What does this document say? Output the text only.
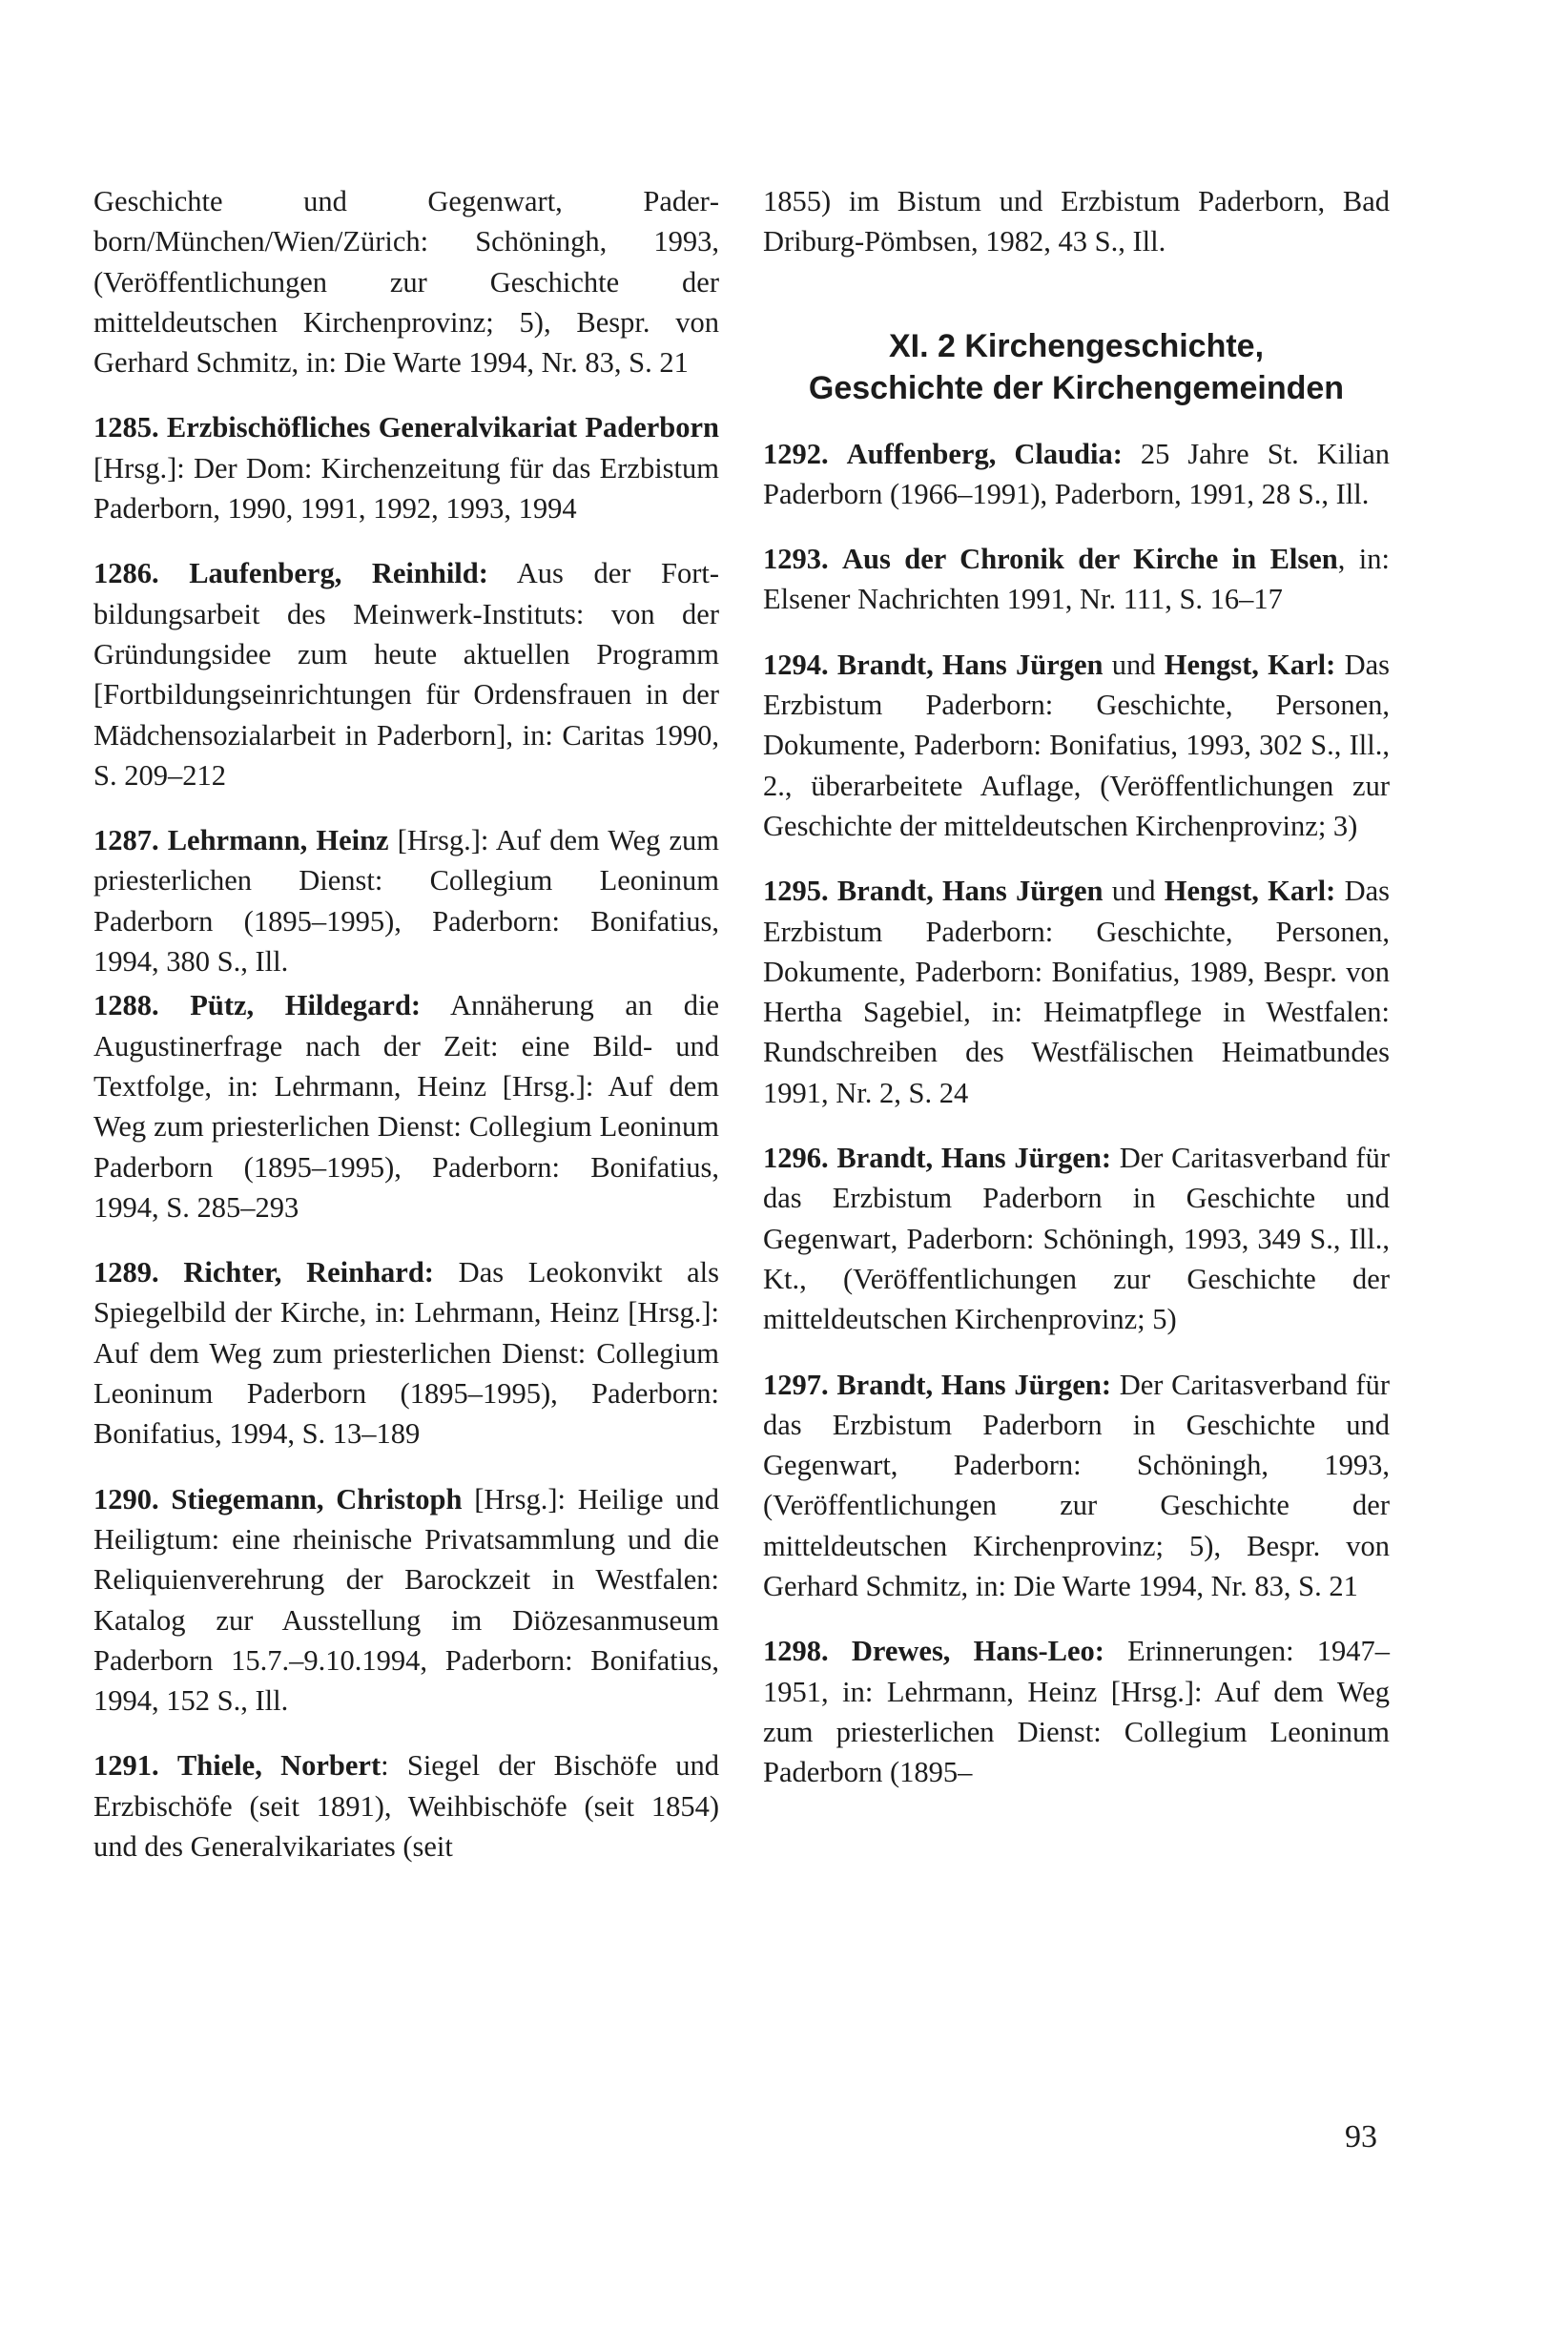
Geschichte und Gegenwart, Paderborn/München/Wien/Zürich: Schöningh, 1993, (Veröffentlichungen zur Geschichte der mitteldeutschen Kirchenprovinz; 5), Bespr. von Gerhard Schmitz, in: Die Warte 1994, Nr. 83, S. 21

1285. Erzbischöfliches Generalvikariat Paderborn [Hrsg.]: Der Dom: Kirchenzeitung für das Erzbistum Paderborn, 1990, 1991, 1992, 1993, 1994

1286. Laufenberg, Reinhild: Aus der Fortbildungsarbeit des Meinwerk-Instituts: von der Gründungsidee zum heute aktuellen Programm [Fortbildungseinrichtungen für Ordensfrauen in der Mädchensozialarbeit in Paderborn], in: Caritas 1990, S. 209–212

1287. Lehrmann, Heinz [Hrsg.]: Auf dem Weg zum priesterlichen Dienst: Collegium Leoninum Paderborn (1895–1995), Paderborn: Bonifatius, 1994, 380 S., Ill.

1288. Pütz, Hildegard: Annäherung an die Augustinerfrage nach der Zeit: eine Bild- und Textfolge, in: Lehrmann, Heinz [Hrsg.]: Auf dem Weg zum priesterlichen Dienst: Collegium Leoninum Paderborn (1895–1995), Paderborn: Bonifatius, 1994, S. 285–293

1289. Richter, Reinhard: Das Leokonvikt als Spiegelbild der Kirche, in: Lehrmann, Heinz [Hrsg.]: Auf dem Weg zum priesterlichen Dienst: Collegium Leoninum Paderborn (1895–1995), Paderborn: Bonifatius, 1994, S. 13–189

1290. Stiegemann, Christoph [Hrsg.]: Heilige und Heiligtum: eine rheinische Privatsammlung und die Reliquienverehrung der Barockzeit in Westfalen: Katalog zur Ausstellung im Diözesanmuseum Paderborn 15.7.–9.10.1994, Paderborn: Bonifatius, 1994, 152 S., Ill.

1291. Thiele, Norbert: Siegel der Bischöfe und Erzbischöfe (seit 1891), Weihbischöfe (seit 1854) und des Generalvikariates (seit

1855) im Bistum und Erzbistum Paderborn, Bad Driburg-Pömbsen, 1982, 43 S., Ill.

XI. 2 Kirchengeschichte,
Geschichte der Kirchengemeinden

1292. Auffenberg, Claudia: 25 Jahre St. Kilian Paderborn (1966–1991), Paderborn, 1991, 28 S., Ill.

1293. Aus der Chronik der Kirche in Elsen, in: Elsener Nachrichten 1991, Nr. 111, S. 16–17

1294. Brandt, Hans Jürgen und Hengst, Karl: Das Erzbistum Paderborn: Geschichte, Personen, Dokumente, Paderborn: Bonifatius, 1993, 302 S., Ill., 2., überarbeitete Auflage, (Veröffentlichungen zur Geschichte der mitteldeutschen Kirchenprovinz; 3)

1295. Brandt, Hans Jürgen und Hengst, Karl: Das Erzbistum Paderborn: Geschichte, Personen, Dokumente, Paderborn: Bonifatius, 1989, Bespr. von Hertha Sagebiel, in: Heimatpflege in Westfalen: Rundschreiben des Westfälischen Heimatbundes 1991, Nr. 2, S. 24

1296. Brandt, Hans Jürgen: Der Caritasverband für das Erzbistum Paderborn in Geschichte und Gegenwart, Paderborn: Schöningh, 1993, 349 S., Ill., Kt., (Veröffentlichungen zur Geschichte der mitteldeutschen Kirchenprovinz; 5)

1297. Brandt, Hans Jürgen: Der Caritasverband für das Erzbistum Paderborn in Geschichte und Gegenwart, Paderborn: Schöningh, 1993, (Veröffentlichungen zur Geschichte der mitteldeutschen Kirchenprovinz; 5), Bespr. von Gerhard Schmitz, in: Die Warte 1994, Nr. 83, S. 21

1298. Drewes, Hans-Leo: Erinnerungen: 1947–1951, in: Lehrmann, Heinz [Hrsg.]: Auf dem Weg zum priesterlichen Dienst: Collegium Leoninum Paderborn (1895–

93
